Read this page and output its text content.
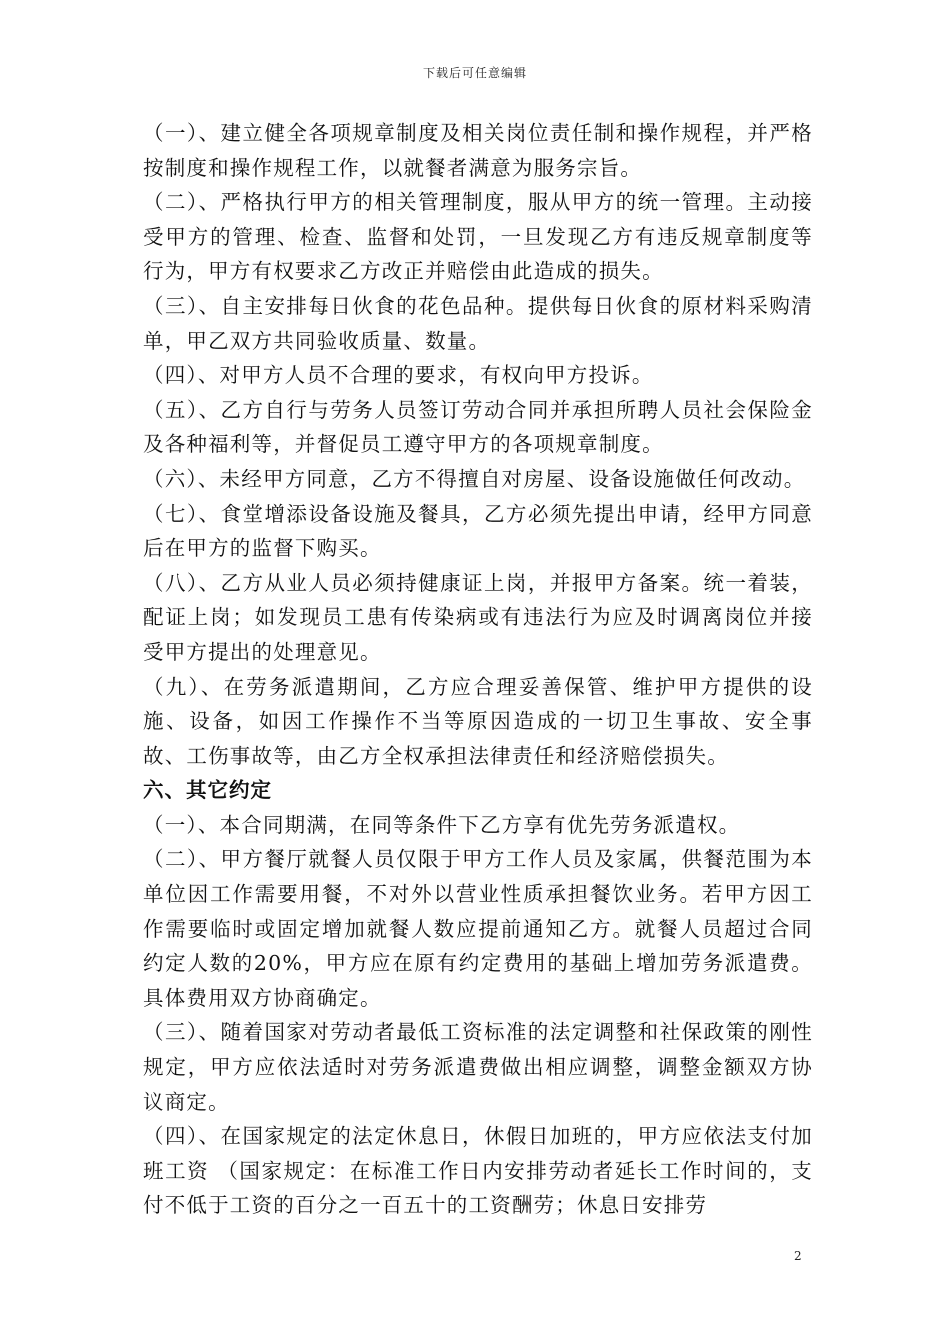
下载后可任意编辑

（一）、建立健全各项规章制度及相关岗位责任制和操作规程，并严格按制度和操作规程工作，以就餐者满意为服务宗旨。

（二）、严格执行甲方的相关管理制度，服从甲方的统一管理。主动接受甲方的管理、检查、监督和处罚，一旦发现乙方有违反规章制度等行为，甲方有权要求乙方改正并赔偿由此造成的损失。

（三）、自主安排每日伙食的花色品种。提供每日伙食的原材料采购清单，甲乙双方共同验收质量、数量。

（四）、对甲方人员不合理的要求，有权向甲方投诉。

（五）、乙方自行与劳务人员签订劳动合同并承担所聘人员社会保险金及各种福利等，并督促员工遵守甲方的各项规章制度。

（六）、未经甲方同意，乙方不得擅自对房屋、设备设施做任何改动。

（七）、食堂增添设备设施及餐具，乙方必须先提出申请，经甲方同意后在甲方的监督下购买。

（八）、乙方从业人员必须持健康证上岗，并报甲方备案。统一着装，配证上岗；如发现员工患有传染病或有违法行为应及时调离岗位并接受甲方提出的处理意见。

（九）、在劳务派遣期间，乙方应合理妥善保管、维护甲方提供的设施、设备，如因工作操作不当等原因造成的一切卫生事故、安全事故、工伤事故等，由乙方全权承担法律责任和经济赔偿损失。

六、其它约定

（一）、本合同期满，在同等条件下乙方享有优先劳务派遣权。

（二）、甲方餐厅就餐人员仅限于甲方工作人员及家属，供餐范围为本单位因工作需要用餐，不对外以营业性质承担餐饮业务。若甲方因工作需要临时或固定增加就餐人数应提前通知乙方。就餐人员超过合同约定人数的20%，甲方应在原有约定费用的基础上增加劳务派遣费。具体费用双方协商确定。

（三）、随着国家对劳动者最低工资标准的法定调整和社保政策的刚性规定，甲方应依法适时对劳务派遣费做出相应调整，调整金额双方协议商定。

（四）、在国家规定的法定休息日，休假日加班的，甲方应依法支付加班工资 （国家规定：在标准工作日内安排劳动者延长工作时间的，支付不低于工资的百分之一百五十的工资酬劳；休息日安排劳

2
